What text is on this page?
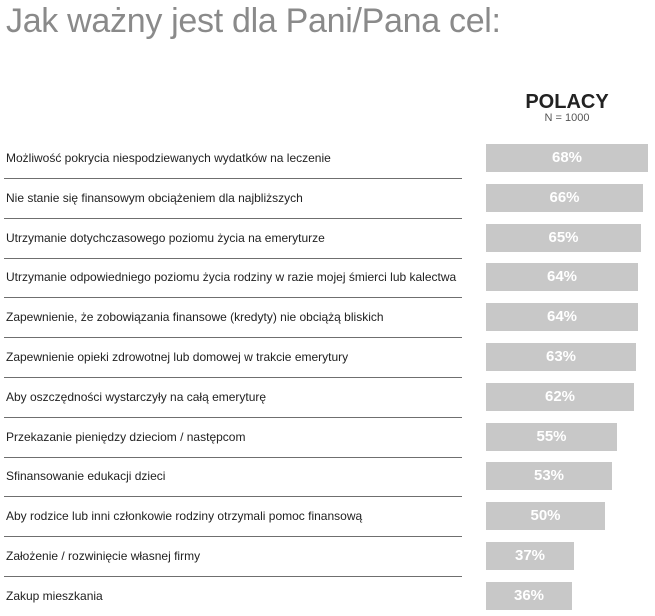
Jak ważny jest dla Pani/Pana cel:
POLACY
N = 1000
Możliwość pokrycia niespodziewanych wydatków na leczenie	68%
Nie stanie się finansowym obciążeniem dla najbliższych	66%
Utrzymanie dotychczasowego poziomu życia na emeryturze	65%
Utrzymanie odpowiedniego poziomu życia rodziny w razie mojej śmierci lub kalectwa	64%
Zapewnienie, że zobowiązania finansowe (kredyty) nie obciążą bliskich	64%
Zapewnienie opieki zdrowotnej lub domowej w trakcie emerytury	63%
Aby oszczędności wystarczyły na całą emeryturę	62%
Przekazanie pieniędzy dzieciom / następcom	55%
Sfinansowanie edukacji dzieci	53%
Aby rodzice lub inni członkowie rodziny otrzymali pomoc finansową	50%
Założenie / rozwinięcie własnej firmy	37%
Zakup mieszkania	36%
